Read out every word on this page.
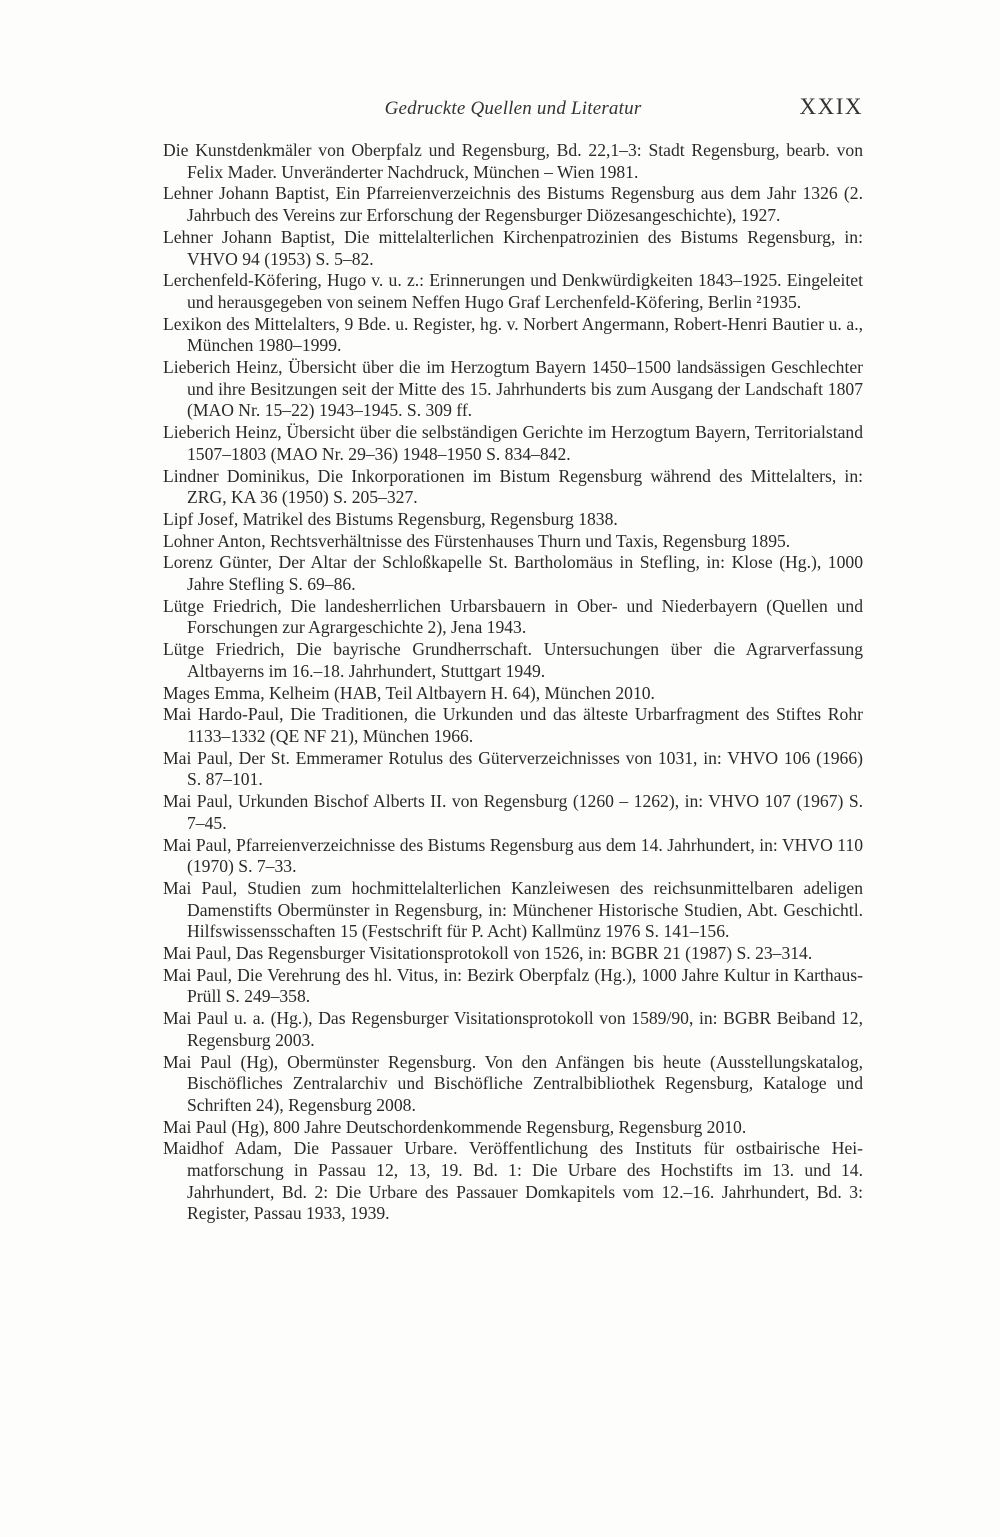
Gedruckte Quellen und Literatur	XXIX
Die Kunstdenkmäler von Oberpfalz und Regensburg, Bd. 22,1–3: Stadt Regensburg, bearb. von Felix Mader. Unveränderter Nachdruck, München – Wien 1981.
Lehner Johann Baptist, Ein Pfarreienverzeichnis des Bistums Regensburg aus dem Jahr 1326 (2. Jahrbuch des Vereins zur Erforschung der Regensburger Diözesangeschichte), 1927.
Lehner Johann Baptist, Die mittelalterlichen Kirchenpatrozinien des Bistums Regensburg, in: VHVO 94 (1953) S. 5–82.
Lerchenfeld-Köfering, Hugo v. u. z.: Erinnerungen und Denkwürdigkeiten 1843–1925. Eingeleitet und herausgegeben von seinem Neffen Hugo Graf Lerchenfeld-Köfering, Berlin ²1935.
Lexikon des Mittelalters, 9 Bde. u. Register, hg. v. Norbert Angermann, Robert-Henri Bautier u. a., München 1980–1999.
Lieberich Heinz, Übersicht über die im Herzogtum Bayern 1450–1500 landsässigen Geschlechter und ihre Besitzungen seit der Mitte des 15. Jahrhunderts bis zum Ausgang der Landschaft 1807 (MAO Nr. 15–22) 1943–1945. S. 309 ff.
Lieberich Heinz, Übersicht über die selbständigen Gerichte im Herzogtum Bayern, Territorialstand 1507–1803 (MAO Nr. 29–36) 1948–1950 S. 834–842.
Lindner Dominikus, Die Inkorporationen im Bistum Regensburg während des Mittelalters, in: ZRG, KA 36 (1950) S. 205–327.
Lipf Josef, Matrikel des Bistums Regensburg, Regensburg 1838.
Lohner Anton, Rechtsverhältnisse des Fürstenhauses Thurn und Taxis, Regensburg 1895.
Lorenz Günter, Der Altar der Schloßkapelle St. Bartholomäus in Stefling, in: Klose (Hg.), 1000 Jahre Stefling S. 69–86.
Lütge Friedrich, Die landesherrlichen Urbarsbauern in Ober- und Niederbayern (Quellen und Forschungen zur Agrargeschichte 2), Jena 1943.
Lütge Friedrich, Die bayrische Grundherrschaft. Untersuchungen über die Agrarverfassung Altbayerns im 16.–18. Jahrhundert, Stuttgart 1949.
Mages Emma, Kelheim (HAB, Teil Altbayern H. 64), München 2010.
Mai Hardo-Paul, Die Traditionen, die Urkunden und das älteste Urbarfragment des Stiftes Rohr 1133–1332 (QE NF 21), München 1966.
Mai Paul, Der St. Emmeramer Rotulus des Güterverzeichnisses von 1031, in: VHVO 106 (1966) S. 87–101.
Mai Paul, Urkunden Bischof Alberts II. von Regensburg (1260 – 1262), in: VHVO 107 (1967) S. 7–45.
Mai Paul, Pfarreienverzeichnisse des Bistums Regensburg aus dem 14. Jahrhundert, in: VHVO 110 (1970) S. 7–33.
Mai Paul, Studien zum hochmittelalterlichen Kanzleiwesen des reichsunmittelbaren adeligen Damenstifts Obermünster in Regensburg, in: Münchener Historische Studien, Abt. Geschichtl. Hilfswissensschaften 15 (Festschrift für P. Acht) Kallmünz 1976 S. 141–156.
Mai Paul, Das Regensburger Visitationsprotokoll von 1526, in: BGBR 21 (1987) S. 23–314.
Mai Paul, Die Verehrung des hl. Vitus, in: Bezirk Oberpfalz (Hg.), 1000 Jahre Kultur in Karthaus-Prüll S. 249–358.
Mai Paul u. a. (Hg.), Das Regensburger Visitationsprotokoll von 1589/90, in: BGBR Beiband 12, Regensburg 2003.
Mai Paul (Hg), Obermünster Regensburg. Von den Anfängen bis heute (Ausstellungskatalog, Bischöfliches Zentralarchiv und Bischöfliche Zentralbibliothek Regensburg, Kataloge und Schriften 24), Regensburg 2008.
Mai Paul (Hg), 800 Jahre Deutschordenkommende Regensburg, Regensburg 2010.
Maidhof Adam, Die Passauer Urbare. Veröffentlichung des Instituts für ostbairische Heimatforschung in Passau 12, 13, 19. Bd. 1: Die Urbare des Hochstifts im 13. und 14. Jahrhundert, Bd. 2: Die Urbare des Passauer Domkapitels vom 12.–16. Jahrhundert, Bd. 3: Register, Passau 1933, 1939.
